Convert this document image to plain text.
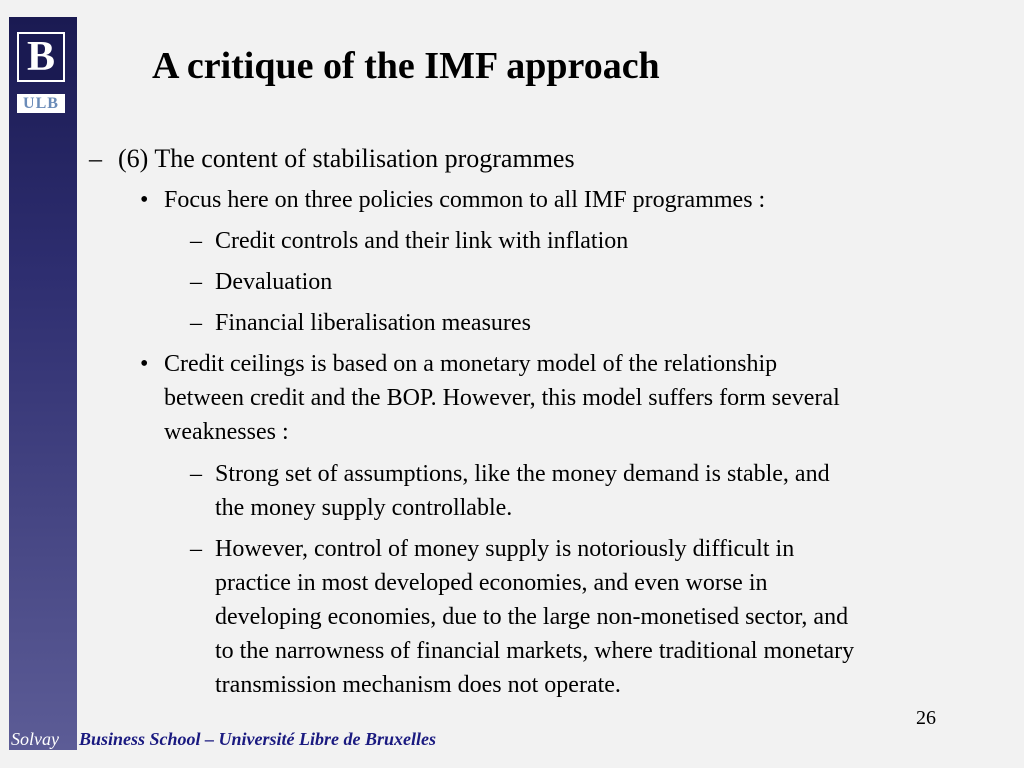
B
ULB
A critique of the IMF approach
– (6) The content of stabilisation programmes
• Focus here on three policies common to all IMF programmes :
– Credit controls and their link with inflation
– Devaluation
– Financial liberalisation measures
• Credit ceilings is based on a monetary model of the relationship
between credit and the BOP. However, this model suffers form several
weaknesses :
– Strong set of assumptions, like the money demand is stable, and
the money supply controllable.
– However, control of money supply is notoriously difficult in
practice in most developed economies, and even worse in
developing economies, due to the large non-monetised sector, and
to the narrowness of financial markets, where traditional monetary
transmission mechanism does not operate.
26
Solvay Business School – Université Libre de Bruxelles
